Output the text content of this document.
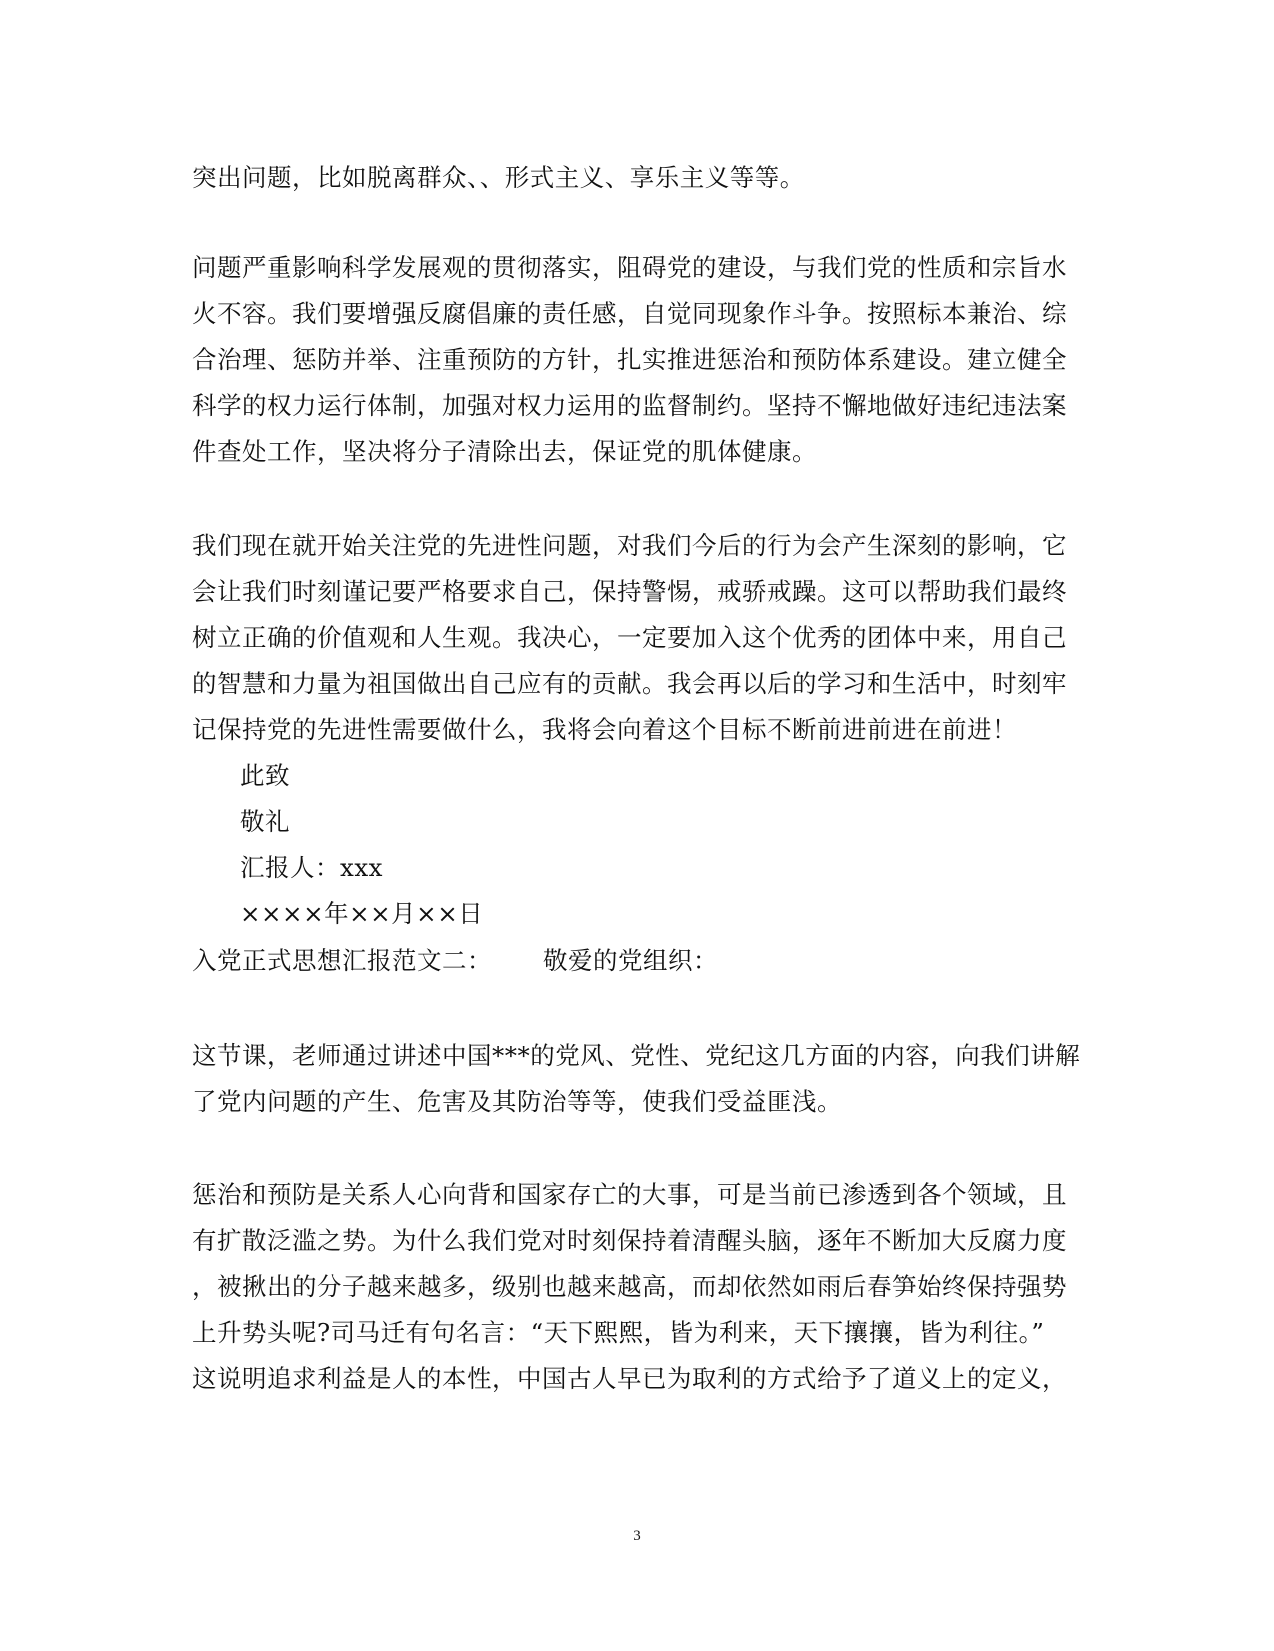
突出问题，比如脱离群众、、形式主义、享乐主义等等。
问题严重影响科学发展观的贯彻落实，阻碍党的建设，与我们党的性质和宗旨水
火不容。我们要增强反腐倡廉的责任感，自觉同现象作斗争。按照标本兼治、综
合治理、惩防并举、注重预防的方针，扎实推进惩治和预防体系建设。建立健全
科学的权力运行体制，加强对权力运用的监督制约。坚持不懈地做好违纪违法案
件查处工作，坚决将分子清除出去，保证党的肌体健康。
我们现在就开始关注党的先进性问题，对我们今后的行为会产生深刻的影响，它
会让我们时刻谨记要严格要求自己，保持警惕，戒骄戒躁。这可以帮助我们最终
树立正确的价值观和人生观。我决心，一定要加入这个优秀的团体中来，用自己
的智慧和力量为祖国做出自己应有的贡献。我会再以后的学习和生活中，时刻牢
记保持党的先进性需要做什么，我将会向着这个目标不断前进前进在前进！
此致
敬礼
汇报人：xxx
××××年××月××日
入党正式思想汇报范文二： 敬爱的党组织：
这节课，老师通过讲述中国***的党风、党性、党纪这几方面的内容，向我们讲解
了党内问题的产生、危害及其防治等等，使我们受益匪浅。
惩治和预防是关系人心向背和国家存亡的大事，可是当前已渗透到各个领域，且
有扩散泛滥之势。为什么我们党对时刻保持着清醒头脑，逐年不断加大反腐力度
，被揪出的分子越来越多，级别也越来越高，而却依然如雨后春笋始终保持强势
上升势头呢?司马迁有句名言：“天下熙熙，皆为利来，天下攘攘，皆为利往。”
这说明追求利益是人的本性，中国古人早已为取利的方式给予了道义上的定义，
3
